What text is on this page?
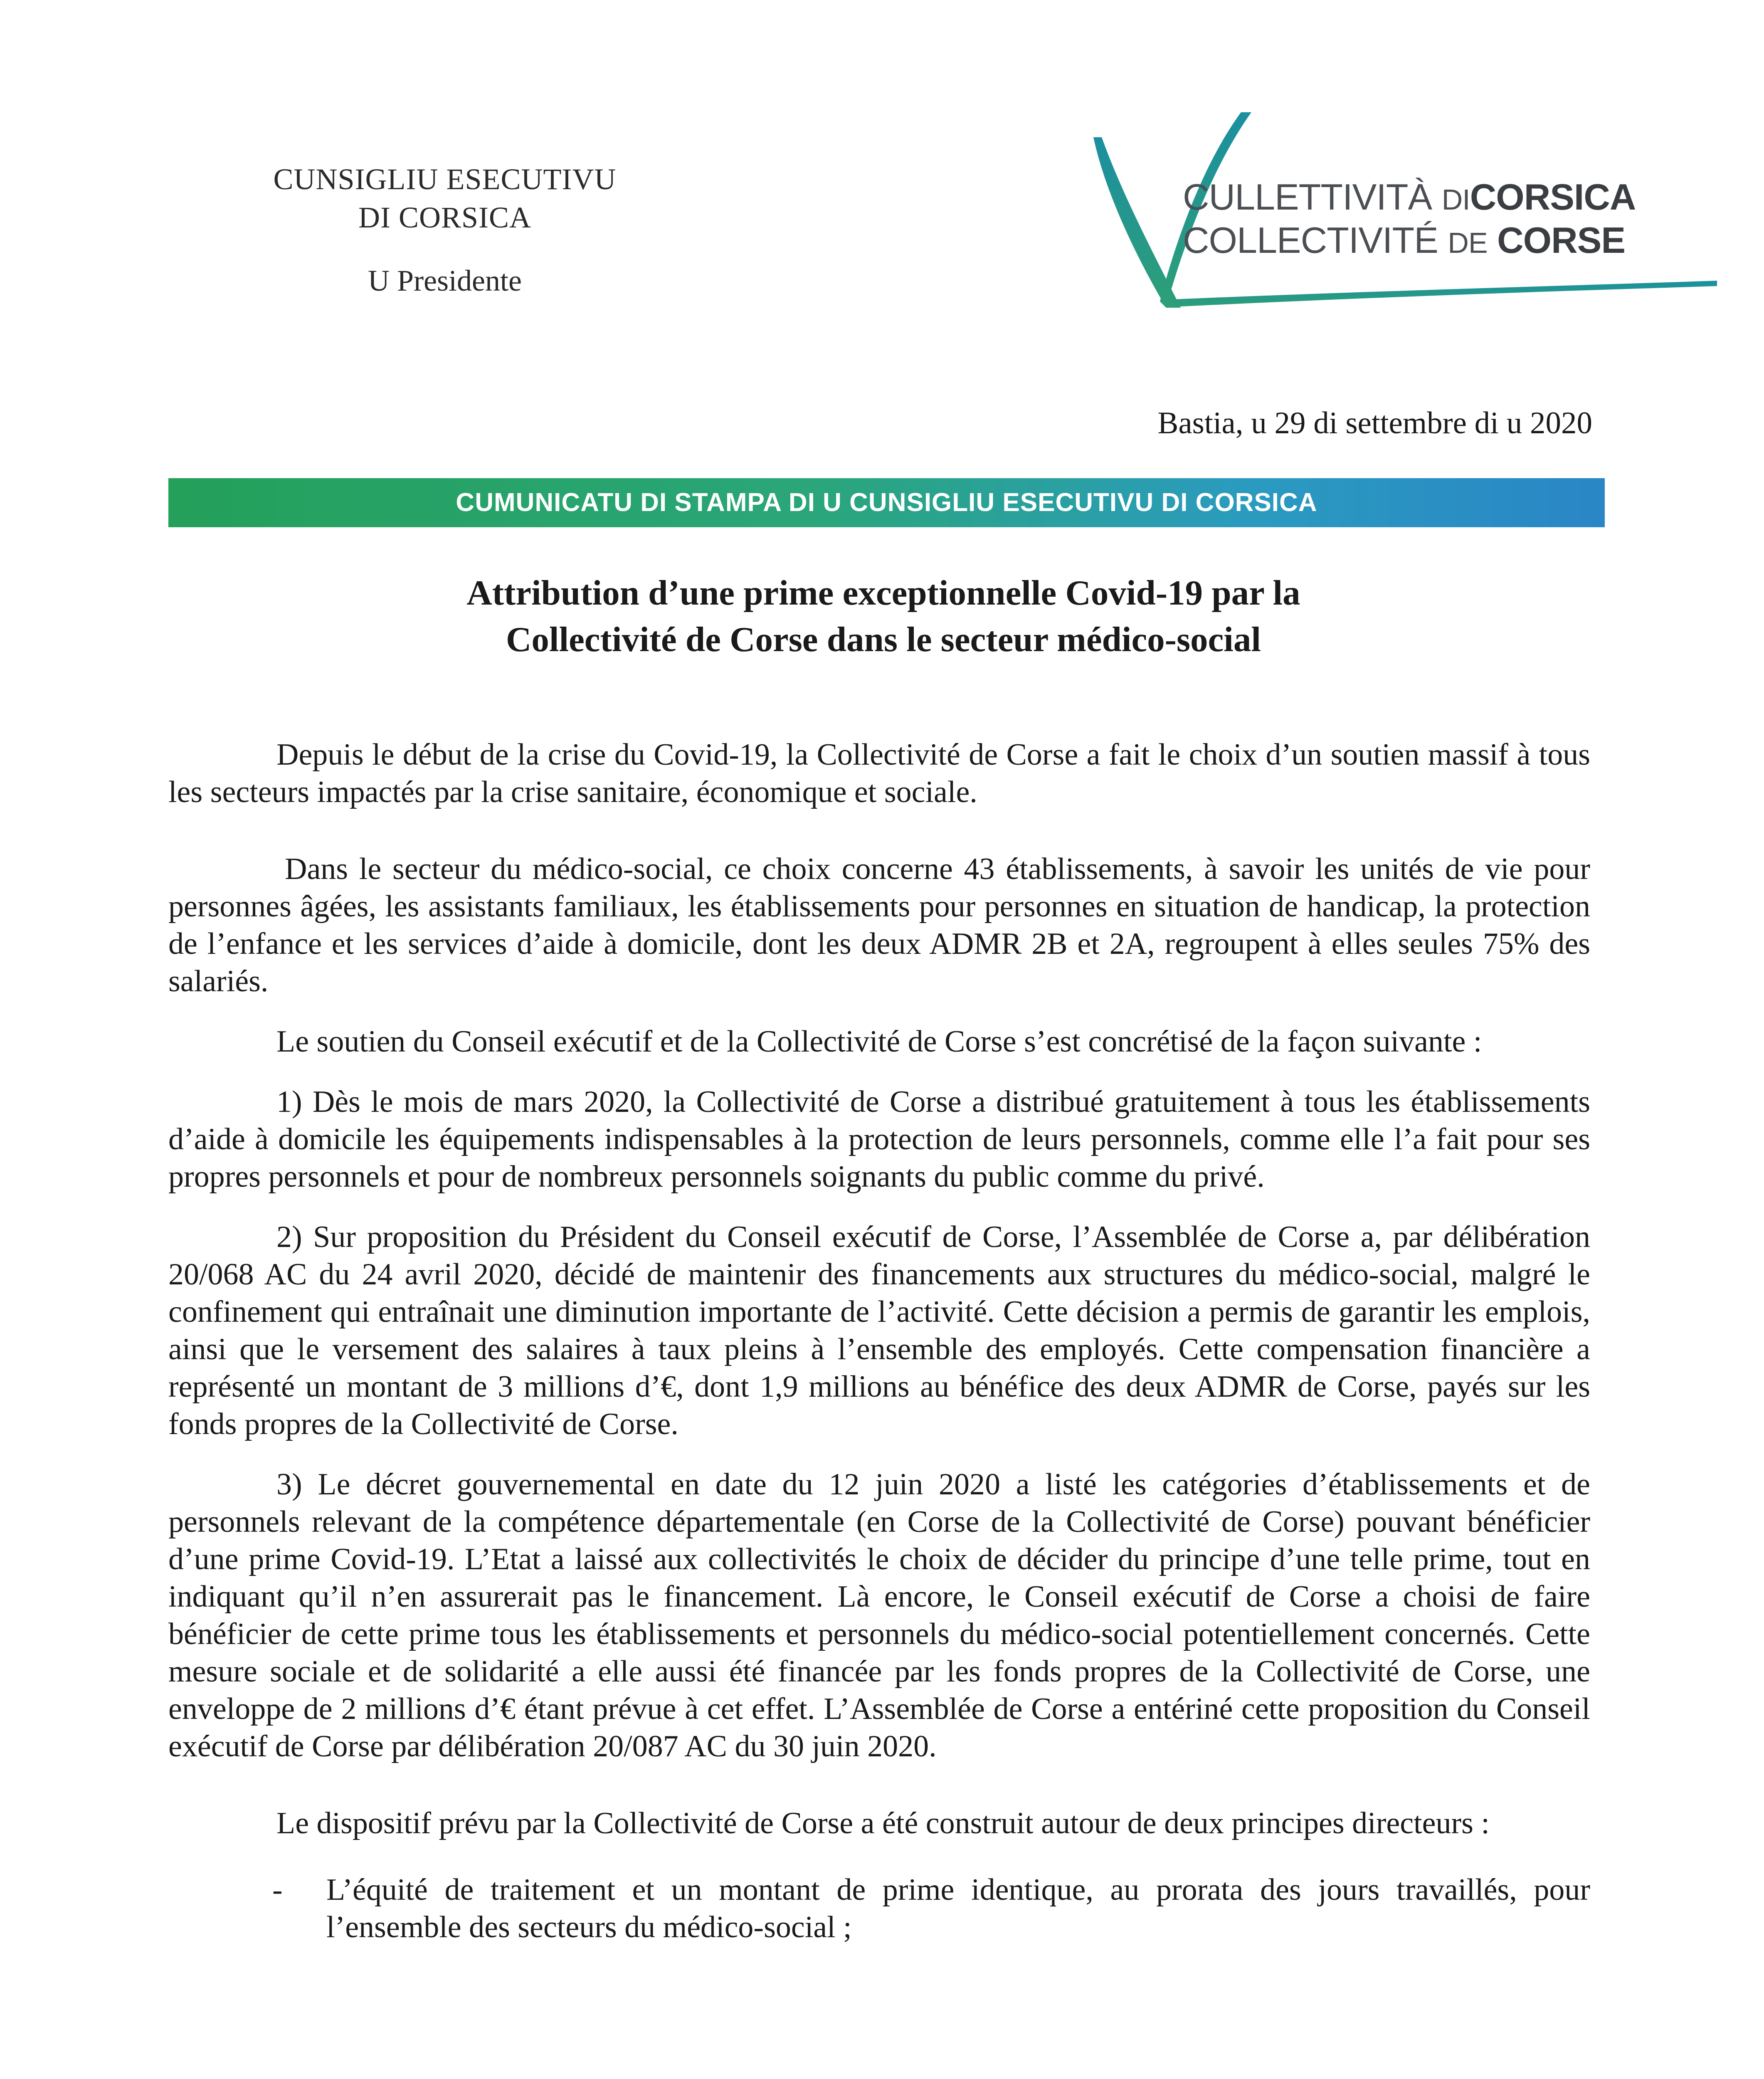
CUNSIGLIU ESECUTIVU
DI CORSICA
U Presidente
CULLETTIVITÀ DICORSICA
COLLECTIVITÉ DE CORSE
Bastia, u 29 di settembre di u 2020
CUMUNICATU DI STAMPA DI U CUNSIGLIU ESECUTIVU DI CORSICA
Attribution d’une prime exceptionnelle Covid-19 par la
Collectivité de Corse dans le secteur médico-social

Depuis le début de la crise du Covid-19, la Collectivité de Corse a fait le choix d’un soutien massif à tous les secteurs impactés par la crise sanitaire, économique et sociale.

Dans le secteur du médico-social, ce choix concerne 43 établissements, à savoir les unités de vie pour personnes âgées, les assistants familiaux, les établissements pour personnes en situation de handicap, la protection de l’enfance et les services d’aide à domicile, dont les deux ADMR 2B et 2A, regroupent à elles seules 75% des salariés.

Le soutien du Conseil exécutif et de la Collectivité de Corse s’est concrétisé de la façon suivante :

1) Dès le mois de mars 2020, la Collectivité de Corse a distribué gratuitement à tous les établissements d’aide à domicile les équipements indispensables à la protection de leurs personnels, comme elle l’a fait pour ses propres personnels et pour de nombreux personnels soignants du public comme du privé.

2) Sur proposition du Président du Conseil exécutif de Corse, l’Assemblée de Corse a, par délibération 20/068 AC du 24 avril 2020, décidé de maintenir des financements aux structures du médico-social, malgré le confinement qui entraînait une diminution importante de l’activité. Cette décision a permis de garantir les emplois, ainsi que le versement des salaires à taux pleins à l’ensemble des employés. Cette compensation financière a représenté un montant de 3 millions d’€, dont 1,9 millions au bénéfice des deux ADMR de Corse, payés sur les fonds propres de la Collectivité de Corse.

3) Le décret gouvernemental en date du 12 juin 2020 a listé les catégories d’établissements et de personnels relevant de la compétence départementale (en Corse de la Collectivité de Corse) pouvant bénéficier d’une prime Covid-19. L’Etat a laissé aux collectivités le choix de décider du principe d’une telle prime, tout en indiquant qu’il n’en assurerait pas le financement. Là encore, le Conseil exécutif de Corse a choisi de faire bénéficier de cette prime tous les établissements et personnels du médico-social potentiellement concernés. Cette mesure sociale et de solidarité a elle aussi été financée par les fonds propres de la Collectivité de Corse, une enveloppe de 2 millions d’€ étant prévue à cet effet. L’Assemblée de Corse a entériné cette proposition du Conseil exécutif de Corse par délibération 20/087 AC du 30 juin 2020.

Le dispositif prévu par la Collectivité de Corse a été construit autour de deux principes directeurs :

-	L’équité de traitement et un montant de prime identique, au prorata des jours travaillés, pour l’ensemble des secteurs du médico-social ;
